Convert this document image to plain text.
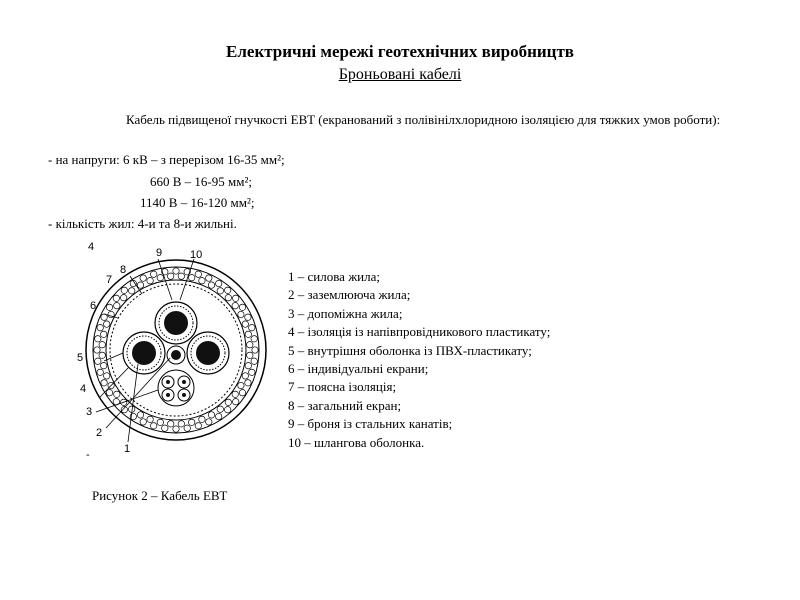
Електричні мережі геотехнічних виробництв
Броньовані кабелі
Кабель підвищеної гнучкості ЕВТ (екранований з полівінілхлоридною ізоляцією для тяжких умов роботи):
- на напруги: 6 кВ – з перерізом 16-35 мм²;
660 В – 16-95 мм²;
1140 В – 16-120 мм²;
- кількість жил: 4-и та 8-и жильні.
4
8
7
6
5
4
3
2
1
9	10
-
1 – силова жила;
2 – заземлююча жила;
3 – допоміжна жила;
4 – ізоляція із напівпровідникового пластикату;
5 – внутрішня оболонка із ПВХ-пластикату;
6 – індивідуальні екрани;
7 – поясна ізоляція;
8 – загальний екран;
9 – броня із стальних канатів;
10 – шлангова оболонка.
Рисунок 2 – Кабель ЕВТ
